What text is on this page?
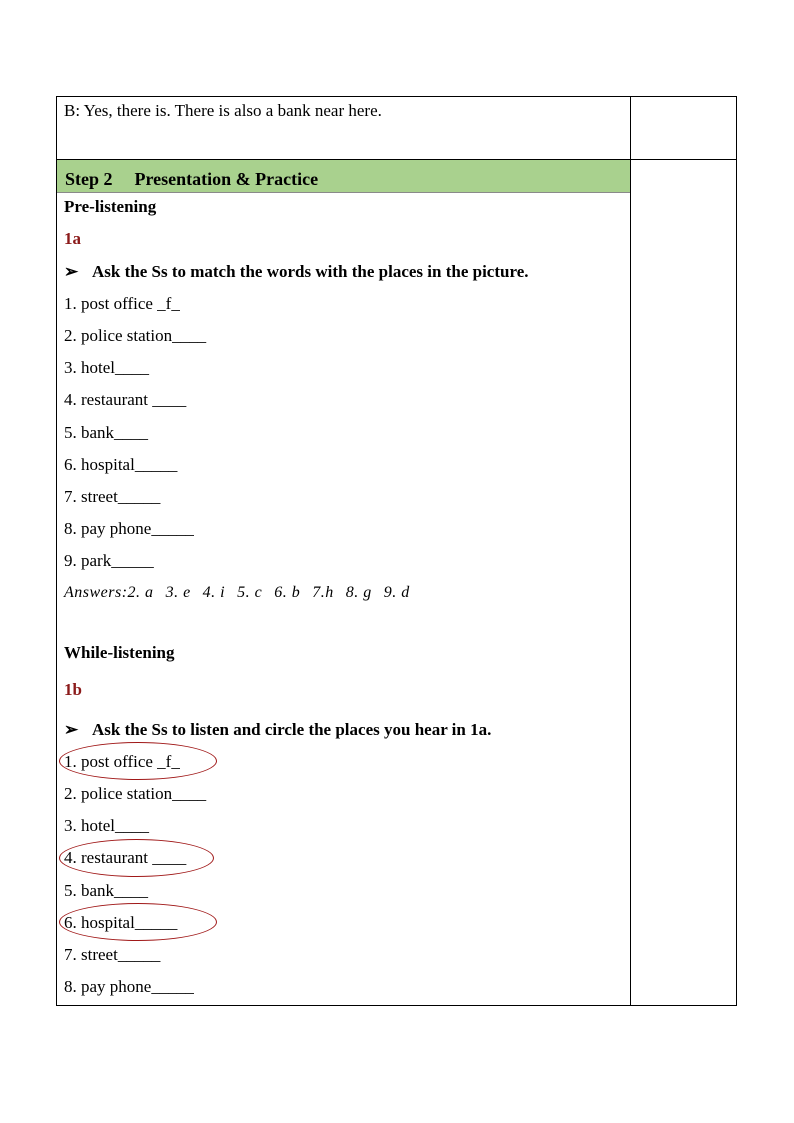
B: Yes, there is. There is also a bank near here.
Step 2 Presentation & Practice
Pre-listening
1a
➢ Ask the Ss to match the words with the places in the picture.
1. post office _f_
2. police station____
3. hotel____
4. restaurant ____
5. bank____
6. hospital_____
7. street_____
8. pay phone_____
9. park_____
Answers:2. a 3. e 4. i 5. c 6. b 7.h 8. g 9. d
While-listening
1b
➢ Ask the Ss to listen and circle the places you hear in 1a.
1. post office _f_
2. police station____
3. hotel____
4. restaurant ____
5. bank____
6. hospital_____
7. street_____
8. pay phone_____
